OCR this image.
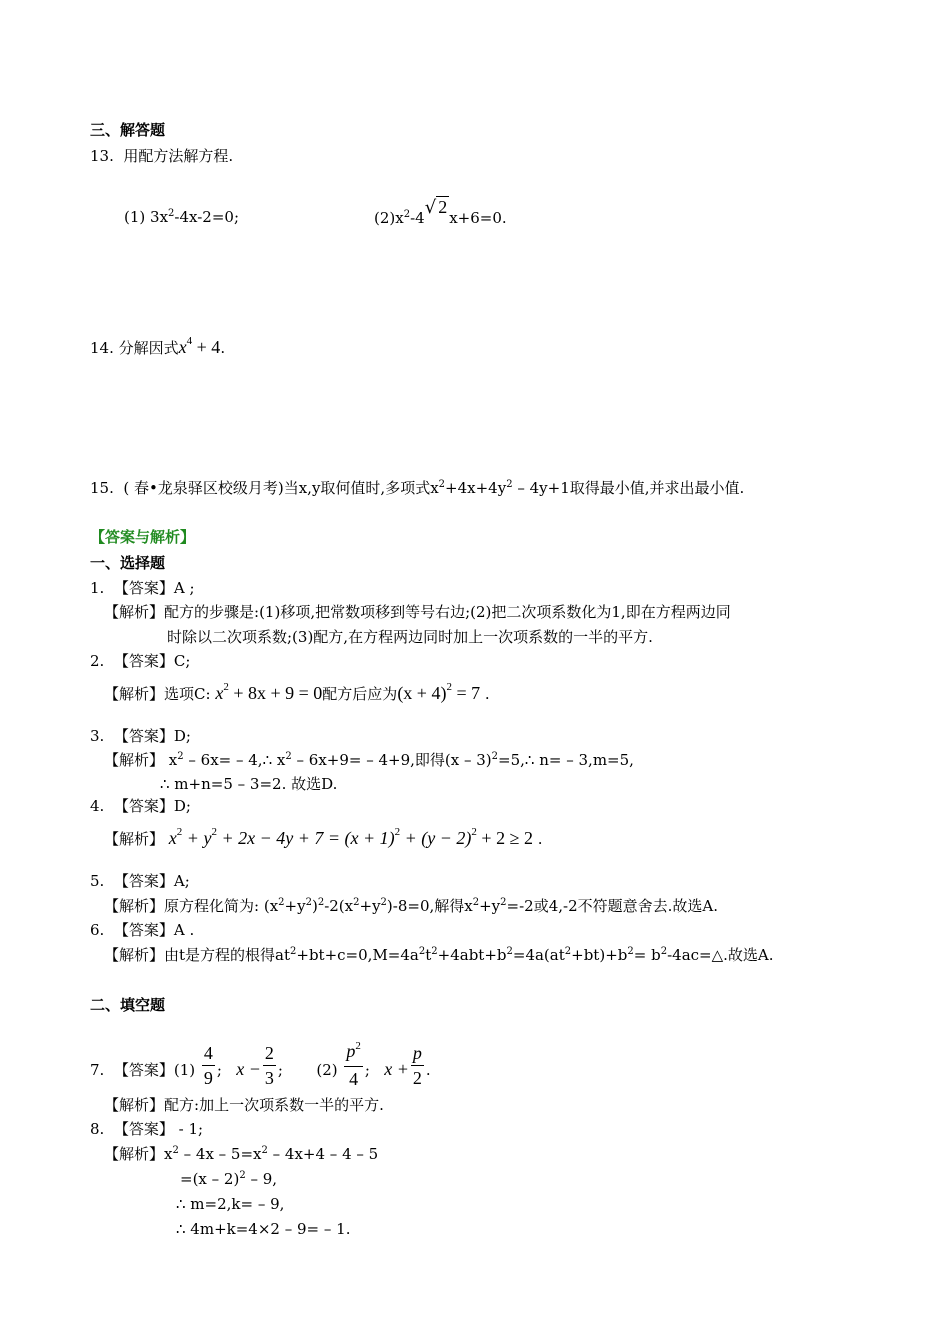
三、解答题
13. 用配方法解方程.
(1) $3x^2-4x-2=0$;	$(2)x^2-4√$ 2x+6=0.
14. 分解因式$x^4 + 4$.
15. ( 春•龙泉驿区校级月考)当x,y取何值时,多项式$x^2+4x+4y^2 - 4y+1$取得最小值,并求出最小值.
【答案与解析】
一、选择题
1. 【答案】A ;
【解析】配方的步骤是:(1)移项,把常数项移到等号右边;(2)把二次项系数化为1,即在方程两边同
时除以二次项系数;(3)配方,在方程两边同时加上一次项系数的一半的平方.
2. 【答案】C;
【解析】选项C: $x^2 + 8x + 9 = 0$配方后应为$(x + 4)^2 = 7$ .
3. 【答案】D;
【解析】 $x^2 - 6x=$ – 4,∴ $x^2 - 6x+9= - 4+9$,即得(x – 3)$^2$=5,∴ n= – 3,m=5,
∴ m+n=5 – 3=2. 故选D.
4. 【答案】D;
【解析】 $x^2 + y^2 + 2x - 4y + 7 = (x + 1)^2 + (y - 2)^2 + 2 \ge 2$ .
5. 【答案】A;
【解析】原方程化简为: $(x^2+y^2)^2-2(x^2+y^2)-8=0$,解得$x^2+y^2=-2$或4,-2不符题意舍去.故选A.
6. 【答案】A .
【解析】由t是方程的根得$at^2+bt+c=0,M=4a^2t^2+4abt+b^2=4a(at^2+bt)+b^2=$ $b^2-4ac=\triangle$.故选A.
二、填空题
7. 【答案】$(1) \frac{4}{9}$ ; $x - \frac{2}{3}$ ; $(2) \frac{p^2}{4}$ ; $x + \frac{p}{2}$ .
【解析】配方:加上一次项系数一半的平方.
8. 【答案】 - 1;
【解析】$x^2 - 4x - 5=x^2 - 4x+4 - 4 - 5$
=(x – 2)$^2$ – 9,
∴ m=2,k= – 9,
∴ 4m+k=4×2 – 9= – 1.
